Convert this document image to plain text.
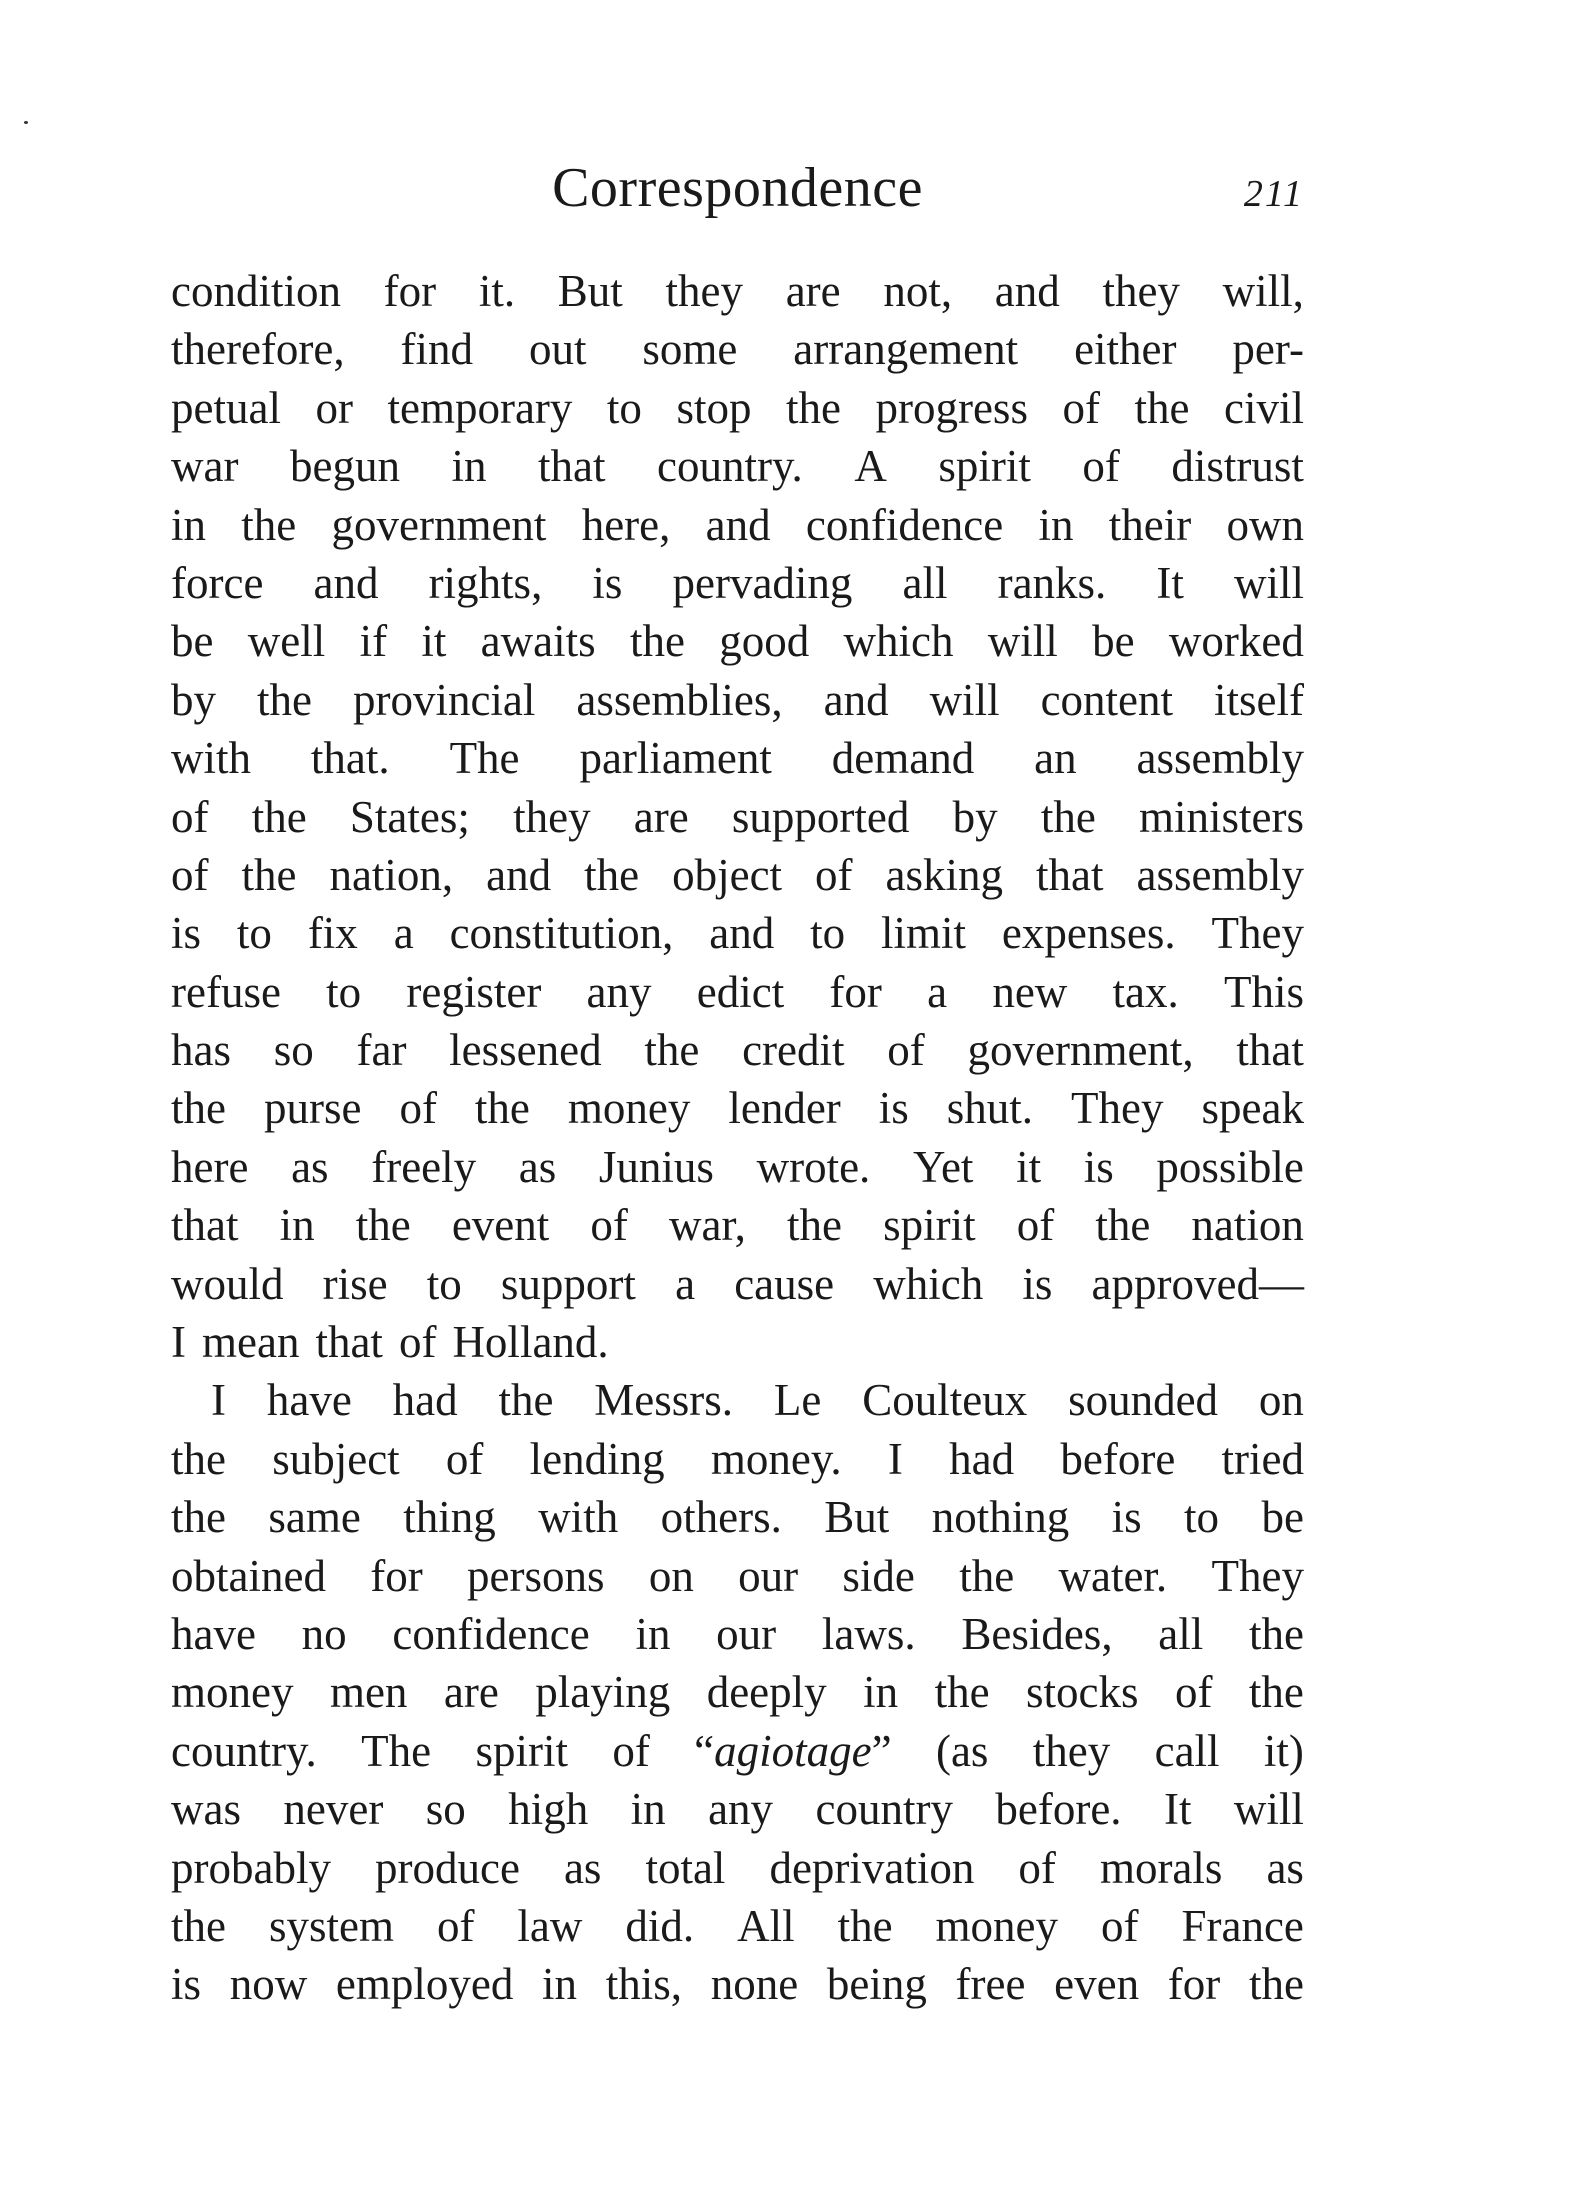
Correspondence	211
condition for it. But they are not, and they will,
therefore, find out some arrangement either per-
petual or temporary to stop the progress of the civil
war begun in that country. A spirit of distrust
in the government here, and confidence in their own
force and rights, is pervading all ranks. It will
be well if it awaits the good which will be worked
by the provincial assemblies, and will content itself
with that. The parliament demand an assembly
of the States; they are supported by the ministers
of the nation, and the object of asking that assembly
is to fix a constitution, and to limit expenses. They
refuse to register any edict for a new tax. This
has so far lessened the credit of government, that
the purse of the money lender is shut. They speak
here as freely as Junius wrote. Yet it is possible
that in the event of war, the spirit of the nation
would rise to support a cause which is approved—
I mean that of Holland.
I have had the Messrs. Le Coulteux sounded on
the subject of lending money. I had before tried
the same thing with others. But nothing is to be
obtained for persons on our side the water. They
have no confidence in our laws. Besides, all the
money men are playing deeply in the stocks of the
country. The spirit of “agiotage” (as they call it)
was never so high in any country before. It will
probably produce as total deprivation of morals as
the system of law did. All the money of France
is now employed in this, none being free even for the
